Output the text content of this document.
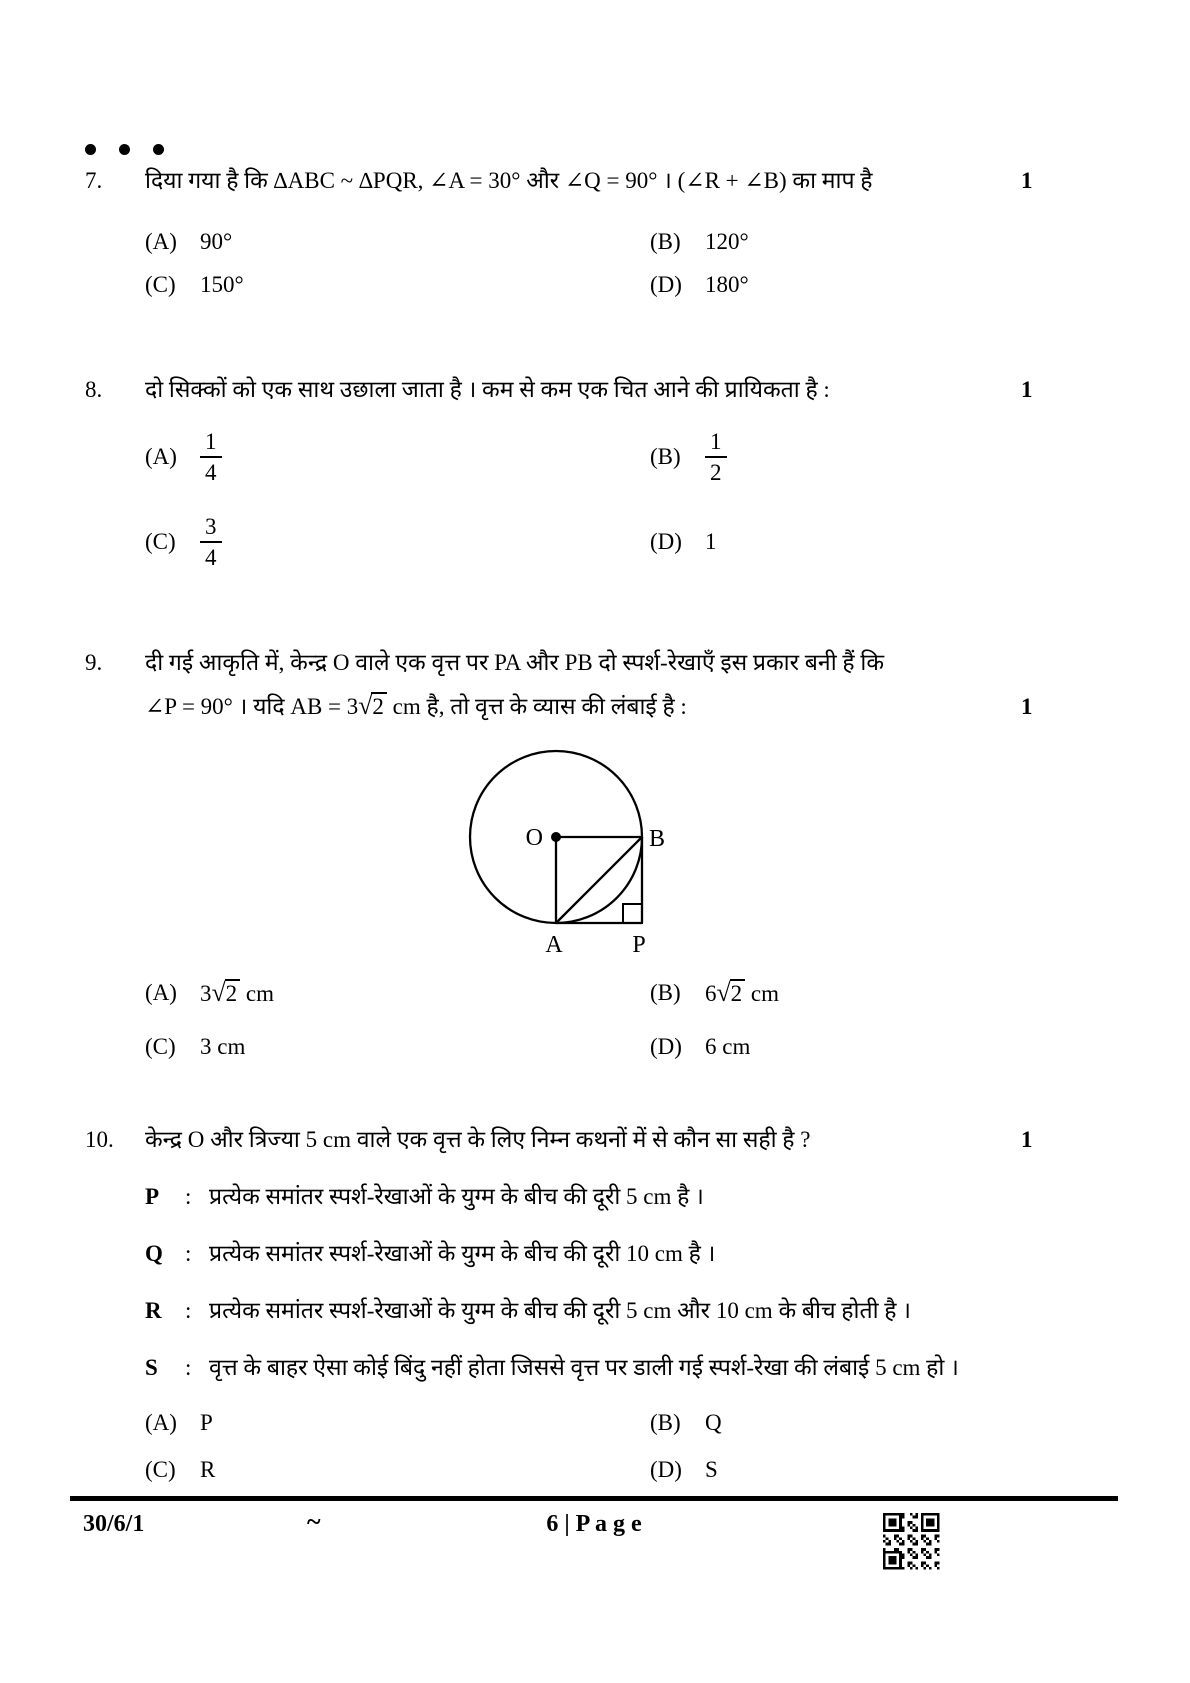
7.	दिया गया है कि ∆ABC ~ ∆PQR, ∠A = 30° और ∠Q = 90° । (∠R + ∠B) का माप है
(A)	90°	(B)	120°
(C)	150°	(D)	180°
1
8.	दो सिक्कों को एक साथ उछाला जाता है । कम से कम एक चित आने की प्रायिकता है :
(A)	$\frac{1}{4}$	(B)	$\frac{1}{2}$
(C)	$\frac{3}{4}$	(D)	1
1
9.	दी गई आकृति में, केन्द्र O वाले एक वृत्त पर PA और PB दो स्पर्श-रेखाएँ इस प्रकार बनी हैं कि
∠P = 90° । यदि AB = 3√2 cm है, तो वृत्त के व्यास की लंबाई है :
O	B
A	P
(A)	3√2 cm	(B)	6√2 cm
(C)	3 cm	(D)	6 cm
1
10.	केन्द्र O और त्रिज्या 5 cm वाले एक वृत्त के लिए निम्न कथनों में से कौन सा सही है ?
P	: प्रत्येक समांतर स्पर्श-रेखाओं के युग्म के बीच की दूरी 5 cm है ।
Q : प्रत्येक समांतर स्पर्श-रेखाओं के युग्म के बीच की दूरी 10 cm है ।
R	: प्रत्येक समांतर स्पर्श-रेखाओं के युग्म के बीच की दूरी 5 cm और 10 cm के बीच होती है ।
S	: वृत्त के बाहर ऐसा कोई बिंदु नहीं होता जिससे वृत्त पर डाली गई स्पर्श-रेखा की लंबाई 5 cm हो ।
(A)	P	(B)	Q
(C)	R	(D)	S
1
30/6/1	~	6 | P a g e
